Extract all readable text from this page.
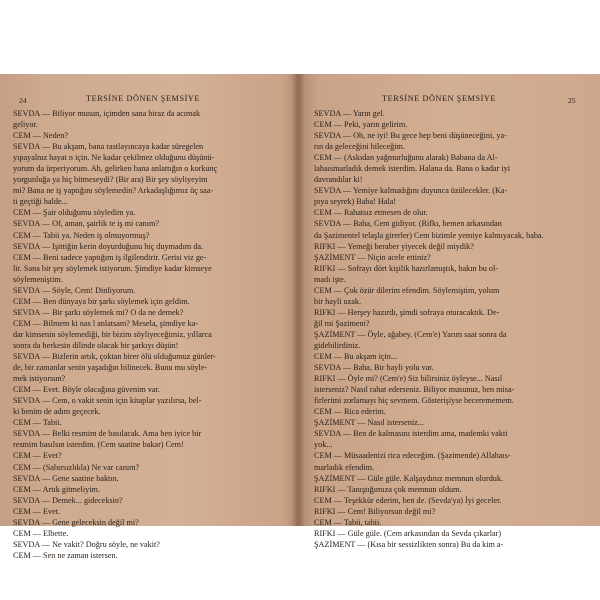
24	TERSİNE DÖNEN ŞEMSİYE
SEVDA — Biliyor musun, içimden sana biraz da acımak
geliyor.
CEM — Neden?
SEVDA — Bu akşam, bana rastlayıncaya kadar süregelen
yıpayalnız hayat n için. Ne kadar çekilmez olduğunu düşünü-
yorum da ürperiyorum. Ah, gelirken bana anlattığın o korkunç
yorgunluğa ya hiç bitmeseydi? (Bir ara) Bir şey söyliyeyim
mi? Bana ne iş yaptığını söylemedin? Arkadaşlığımız üç saa-
ti geçtiği halde...
CEM — Şair olduğumu söyledim ya.
SEVDA — Of, aman, şairlik te iş mi canım?
CEM — Tabii ya. Neden iş olmuyormuş?
SEVDA — Işittiğin kerin doyurduğunu hiç duymadım da.
CEM — Beni sadece yaptığım iş ilgilendirir. Gerisi viz ge-
lir. Sana bir şey söylemek istiyorum. Şimdiye kadar kimseye
söylemeniştim.
SEVDA — Söyle, Cem! Dinliyorum.
CEM — Ben dünyaya bir şarkı söylemek için geldim.
SEVDA — Bir şarkı söylemek mi? O da ne demek?
CEM — Bilmem ki nas l anlatsam? Mesela, şimdiye ka-
dar kimsenin söylemediği, bir bizim söyliyeceğimiz, yıllarca
sonra da herkesin dilinde olacak bir şarkıyı düşün!
SEVDA — Bizlerin artık, çoktan birer ölü olduğumuz günler-
de, bir zamanlar senin yaşadığın bilinecek. Bunu mu söyle-
mek istiyorsun?
CEM — Evet. Böyle olacağına güvenim var.
SEVDA — Cem, o vakit senin için kitaplar yazılırsa, bel-
ki benim de adım geçecek.
CEM — Tabii.
SEVDA — Belki resmim de basılacak. Ama ben iyice bir
resmim basılsın isterdim. (Cem saatine bakar) Cem!
CEM — Evet?
CEM — (Sabırsızlıkla) Ne var canım?
SEVDA — Gene saatine baktın.
CEM — Artık gitmeliyim.
SEVDA — Demek... gideceksin?
CEM — Evet.
SEVDA — Gene geleceksin değil mi?
CEM — Elbette.
SEVDA — Ne vakit? Doğru söyle, ne vakit?
CEM — Sen ne zaman istersen.
TERSİNE DÖNEN ŞEMSİYE	25
SEVDA — Yarın gel.
CEM — Peki, yarın gelirim.
SEVDA — Oh, ne iyi! Bu gece hep beni düşüneceğini, ya-
rın da geleceğini bileceğim.
CEM — (Askıdan yağmurluğunu alarak) Babana da Al-
lahaısmarladık demek isterdim. Halana da. Bana o kadar iyi
davrandılar ki!
SEVDA — Yemiye kalmadığını duyunca üzülecekler. (Ka-
pıya seyrek) Baba! Hala!
CEM — Rahatsız etmesen de olur.
SEVDA — Baba, Cem gidiyor. (Rifkı, hemen arkasından
da Şazimentel telaşla girerler) Cem bizimle yemiye kalmıyacak, baba.
RIFKI — Yemeği beraber yiyecek değil miydik?
ŞAZİMENT — Niçin acele ettiniz?
RIFKI — Sofrayı dört kişilik hazırlamıştık, bakın bu ol-
madı işte.
CEM — Çok özür dilerim efendim. Söylemiştim, yolum
bir hayli uzak.
RIFKI — Herşey hazırdı, şimdi sofraya oturacaktık. De-
ğil mi Şaziment?
ŞAZİMENT — Öyle, ağabey. (Cem'e) Yarım saat sonra da
gidebilirdiniz.
CEM — Bu akşam için...
SEVDA — Baba, Bir hayli yolu var.
RIFKI — Öyle mi? (Cem'e) Siz bilirsiniz öyleyse... Nasıl
isterseniz? Nasıl rahat ederseniz. Biliyor musunuz, ben misa-
firlerimi zorlamayı hiç sevmem. Gösterişiyse becerememem.
CEM — Rica ederim.
ŞAZİMENT — Nasıl isterseniz...
SEVDA — Ben de kalmasını isterdim ama, mademki vakti
yok...
CEM — Müsaadenizi rica edeceğim. (Şazimende) Allahaıs-
marladık efendim.
ŞAZİMENT — Güle güle. Kalşaydınız memnun olurduk.
RIFKI — Tanıştığımıza çok memnun oldum.
CEM — Teşekkür ederim, ben de. (Sevda'ya) İyi geceler.
RIFKI — Cem! Biliyorsun değil mi?
CEM — Tabii, tabii.
RIFKI — Güle güle. (Cem arkasından da Sevda çıkarlar)
ŞAZİMENT — (Kısa bir sessizlikten sonra) Bu da kim a-
